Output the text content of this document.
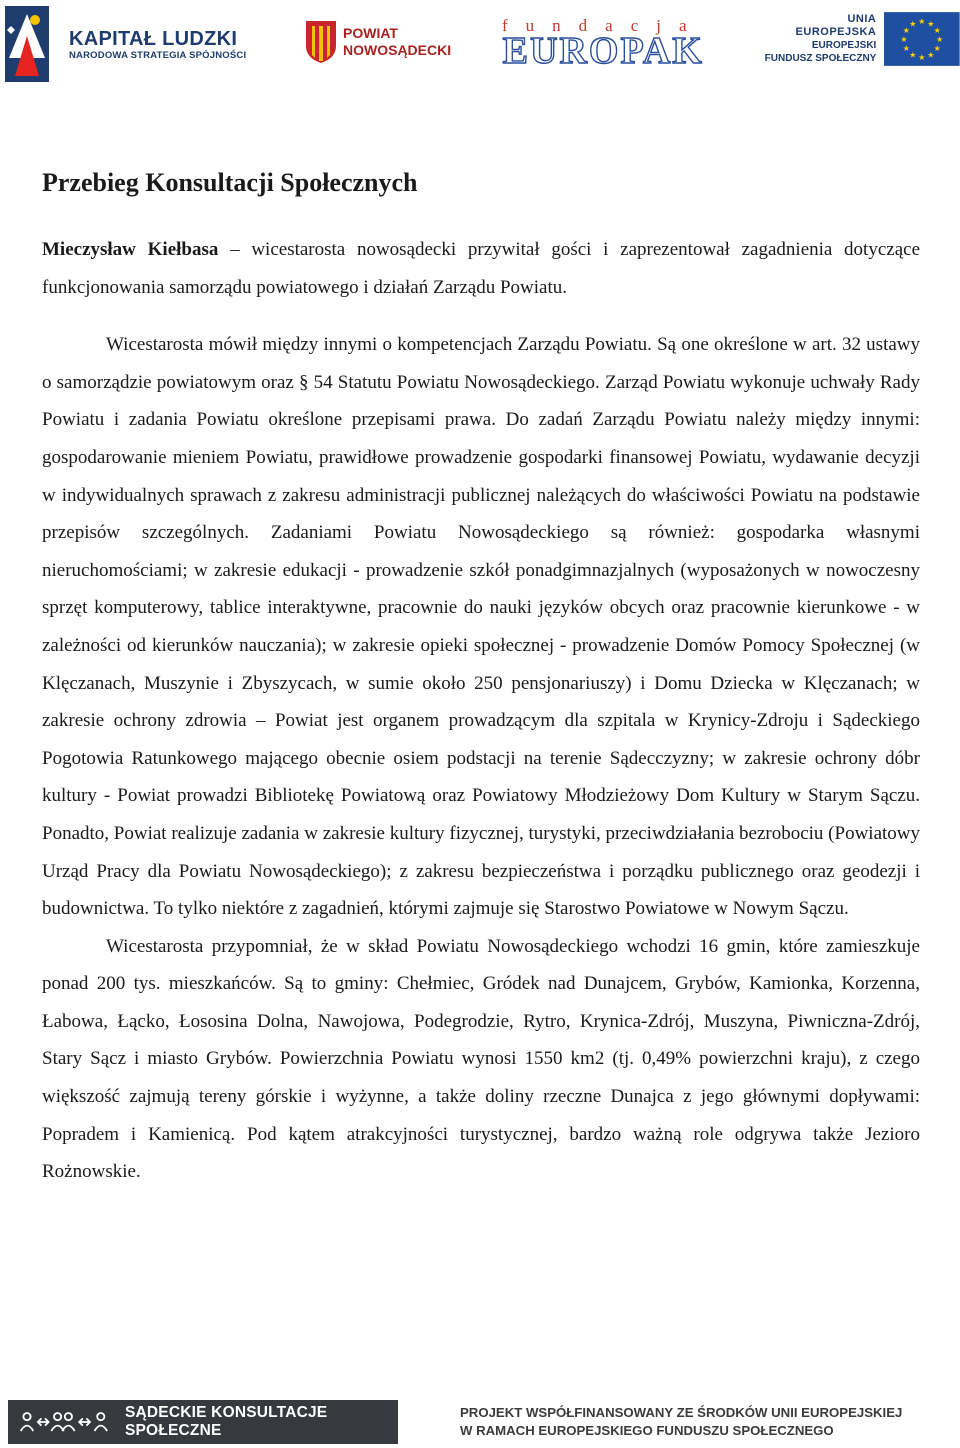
KAPITAŁ LUDZKI
NARODOWA STRATEGIA SPÓJNOŚCI
POWIAT
NOWOSĄDECKI
fundacja
EUROPAK
UNIA EUROPEJSKA
EUROPEJSKI
FUNDUSZ SPOŁECZNY
★ ★
★
★
★
★
★
★
★
★
★
★
Przebieg Konsultacji Społecznych

Mieczysław Kiełbasa – wicestarosta nowosądecki przywitał gości i zaprezentował zagadnienia dotyczące funkcjonowania samorządu powiatowego i działań Zarządu Powiatu.

Wicestarosta mówił między innymi o kompetencjach Zarządu Powiatu. Są one określone w art. 32 ustawy o samorządzie powiatowym oraz § 54 Statutu Powiatu Nowosądeckiego. Zarząd Powiatu wykonuje uchwały Rady Powiatu i zadania Powiatu określone przepisami prawa. Do zadań Zarządu Powiatu należy między innymi: gospodarowanie mieniem Powiatu, prawidłowe prowadzenie gospodarki finansowej Powiatu, wydawanie decyzji w indywidualnych sprawach z zakresu administracji publicznej należących do właściwości Powiatu na podstawie przepisów szczególnych. Zadaniami Powiatu Nowosądeckiego są również: gospodarka własnymi nieruchomościami; w zakresie edukacji - prowadzenie szkół ponadgimnazjalnych (wyposażonych w nowoczesny sprzęt komputerowy, tablice interaktywne, pracownie do nauki języków obcych oraz pracownie kierunkowe - w zależności od kierunków nauczania); w zakresie opieki społecznej - prowadzenie Domów Pomocy Społecznej (w Klęczanach, Muszynie i Zbyszycach, w sumie około 250 pensjonariuszy) i Domu Dziecka w Klęczanach; w zakresie ochrony zdrowia – Powiat jest organem prowadzącym dla szpitala w Krynicy-Zdroju i Sądeckiego Pogotowia Ratunkowego mającego obecnie osiem podstacji na terenie Sądecczyzny; w zakresie ochrony dóbr kultury - Powiat prowadzi Bibliotekę Powiatową oraz Powiatowy Młodzieżowy Dom Kultury w Starym Sączu. Ponadto, Powiat realizuje zadania w zakresie kultury fizycznej, turystyki, przeciwdziałania bezrobociu (Powiatowy Urząd Pracy dla Powiatu Nowosądeckiego); z zakresu bezpieczeństwa i porządku publicznego oraz geodezji i budownictwa. To tylko niektóre z zagadnień, którymi zajmuje się Starostwo Powiatowe w Nowym Sączu.

Wicestarosta przypomniał, że w skład Powiatu Nowosądeckiego wchodzi 16 gmin, które zamieszkuje ponad 200 tys. mieszkańców. Są to gminy: Chełmiec, Gródek nad Dunajcem, Grybów, Kamionka, Korzenna, Łabowa, Łącko, Łososina Dolna, Nawojowa, Podegrodzie, Rytro, Krynica-Zdrój, Muszyna, Piwniczna-Zdrój, Stary Sącz i miasto Grybów. Powierzchnia Powiatu wynosi 1550 km2 (tj. 0,49% powierzchni kraju), z czego większość zajmują tereny górskie i wyżynne, a także doliny rzeczne Dunajca z jego głównymi dopływami: Popradem i Kamienicą. Pod kątem atrakcyjności turystycznej, bardzo ważną role odgrywa także Jezioro Rożnowskie.

SĄDECKIE KONSULTACJE SPOŁECZNE
PROJEKT WSPÓŁFINANSOWANY ZE ŚRODKÓW UNII EUROPEJSKIEJ
W RAMACH EUROPEJSKIEGO FUNDUSZU SPOŁECZNEGO
